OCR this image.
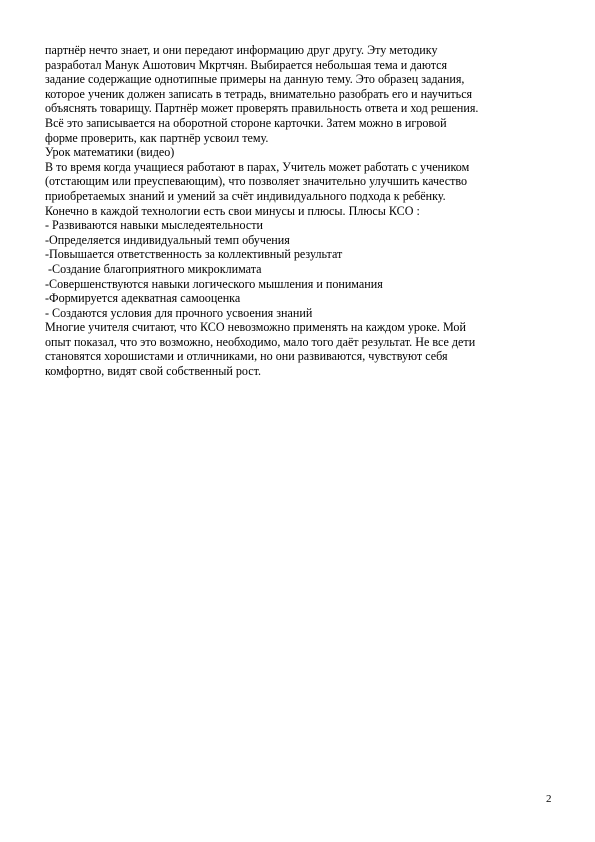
партнёр нечто знает, и они передают информацию друг другу. Эту методику

разработал Манук Ашотович Мкртчян. Выбирается небольшая тема и даются

задание содержащие однотипные примеры на данную тему. Это образец задания,

которое ученик должен записать в тетрадь, внимательно разобрать его и научиться

объяснять товарищу. Партнёр может проверять правильность ответа и ход решения.

Всё это записывается на оборотной стороне карточки. Затем можно в игровой

форме проверить, как партнёр усвоил тему.

Урок математики (видео)

В то время когда учащиеся работают в парах, Учитель может работать с учеником

(отстающим или преуспевающим), что позволяет значительно улучшить качество

приобретаемых знаний и умений за счёт индивидуального подхода к ребёнку.

Конечно в каждой технологии есть свои минусы и плюсы. Плюсы КСО :

- Развиваются навыки мыследеятельности

-Определяется индивидуальный темп обучения

-Повышается ответственность за коллективный результат

-Создание благоприятного микроклимата

-Совершенствуются навыки логического мышления и понимания

-Формируется адекватная самооценка

- Создаются условия для прочного усвоения знаний

Многие учителя считают, что КСО невозможно применять на каждом уроке. Мой

опыт показал, что это возможно, необходимо, мало того даёт результат. Не все дети

становятся хорошистами и отличниками, но они развиваются, чувствуют себя

комфортно, видят свой собственный рост.

2
